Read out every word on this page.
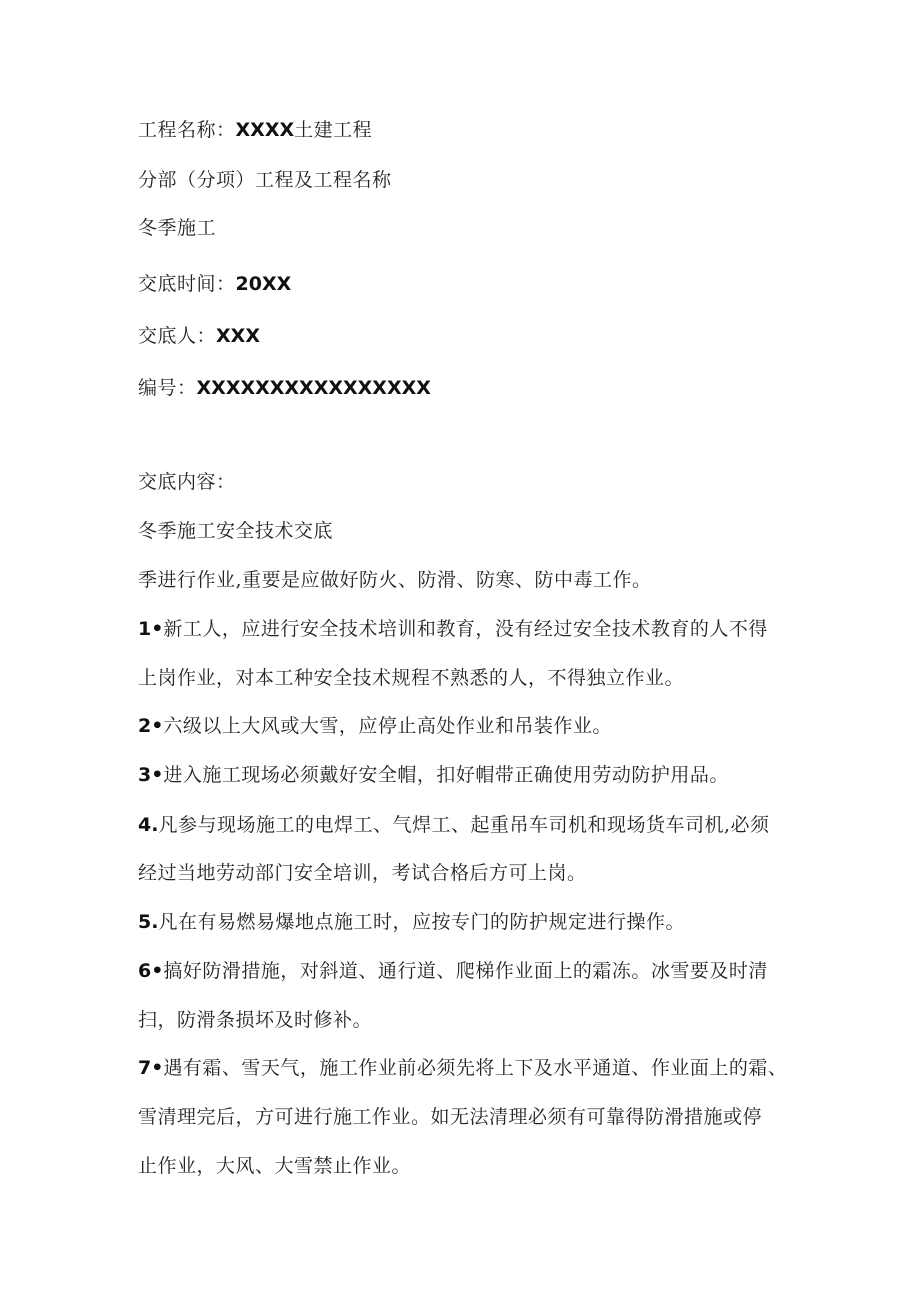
工程名称：XXXX土建工程
分部（分项）工程及工程名称
冬季施工
交底时间：20XX
交底人：XXX
编号：XXXXXXXXXXXXXXXX
交底内容：
冬季施工安全技术交底
季进行作业,重要是应做好防火、防滑、防寒、防中毒工作。
1•新工人，应进行安全技术培训和教育，没有经过安全技术教育的人不得
上岗作业，对本工种安全技术规程不熟悉的人，不得独立作业。
2•六级以上大风或大雪，应停止高处作业和吊装作业。
3•进入施工现场必须戴好安全帽，扣好帽带正确使用劳动防护用品。
4.凡参与现场施工的电焊工、气焊工、起重吊车司机和现场货车司机,必须
经过当地劳动部门安全培训，考试合格后方可上岗。
5.凡在有易燃易爆地点施工时，应按专门的防护规定进行操作。
6•搞好防滑措施，对斜道、通行道、爬梯作业面上的霜冻。冰雪要及时清
扫，防滑条损坏及时修补。
7•遇有霜、雪天气，施工作业前必须先将上下及水平通道、作业面上的霜、
雪清理完后，方可进行施工作业。如无法清理必须有可靠得防滑措施或停
止作业，大风、大雪禁止作业。
